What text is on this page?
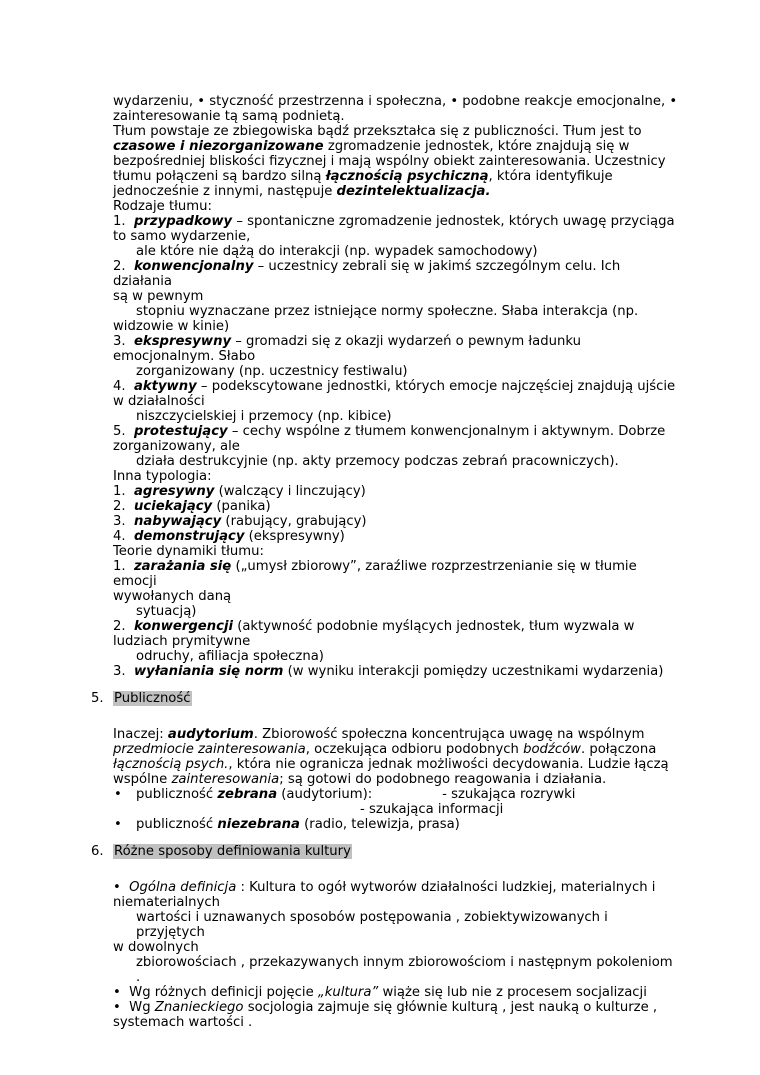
wydarzeniu, • styczność przestrzenna i społeczna, • podobne reakcje emocjonalne, •
zainteresowanie tą samą podnietą.
Tłum powstaje ze zbiegowiska bądź przekształca się z publiczności. Tłum jest to
czasowe i niezorganizowane zgromadzenie jednostek, które znajdują się w
bezpośredniej bliskości fizycznej i mają wspólny obiekt zainteresowania. Uczestnicy
tłumu połączeni są bardzo silną łącznością psychiczną, która identyfikuje
jednocześnie z innymi, następuje dezintelektualizacja.
Rodzaje tłumu:
1. przypadkowy – spontaniczne zgromadzenie jednostek, których uwagę przyciąga
to samo wydarzenie,
ale które nie dążą do interakcji (np. wypadek samochodowy)
2. konwencjonalny – uczestnicy zebrali się w jakimś szczególnym celu. Ich działania
są w pewnym
stopniu wyznaczane przez istniejące normy społeczne. Słaba interakcja (np.
widzowie w kinie)
3. ekspresywny – gromadzi się z okazji wydarzeń o pewnym ładunku
emocjonalnym. Słabo
zorganizowany (np. uczestnicy festiwalu)
4. aktywny – podekscytowane jednostki, których emocje najczęściej znajdują ujście
w działalności
niszczycielskiej i przemocy (np. kibice)
5. protestujący – cechy wspólne z tłumem konwencjonalnym i aktywnym. Dobrze
zorganizowany, ale
działa destrukcyjnie (np. akty przemocy podczas zebrań pracowniczych).
Inna typologia:
1. agresywny (walczący i linczujący)
2. uciekający (panika)
3. nabywający (rabujący, grabujący)
4. demonstrujący (ekspresywny)
Teorie dynamiki tłumu:
1. zarażania się („umysł zbiorowy”, zaraźliwe rozprzestrzenianie się w tłumie emocji
wywołanych daną
sytuacją)
2. konwergencji (aktywność podobnie myślących jednostek, tłum wyzwala w
ludziach prymitywne
odruchy, afiliacja społeczna)
3. wyłaniania się norm (w wyniku interakcji pomiędzy uczestnikami wydarzenia)
5. Publiczność
Inaczej: audytorium. Zbiorowość społeczna koncentrująca uwagę na wspólnym
przedmiocie zainteresowania, oczekująca odbioru podobnych bodźców. połączona
łącznością psych., która nie ogranicza jednak możliwości decydowania. Ludzie łączą
wspólne zainteresowania; są gotowi do podobnego reagowania i działania.
• publiczność zebrana (audytorium):	- szukająca rozrywki
- szukająca informacji
• publiczność niezebrana (radio, telewizja, prasa)
6. Różne sposoby definiowania kultury
• Ogólna definicja : Kultura to ogół wytworów działalności ludzkiej, materialnych i
niematerialnych
wartości i uznawanych sposobów postępowania , zobiektywizowanych i przyjętych
w dowolnych
zbiorowościach , przekazywanych innym zbiorowościom i następnym pokoleniom .
• Wg różnych definicji pojęcie „kultura” wiąże się lub nie z procesem socjalizacji
• Wg Znanieckiego socjologia zajmuje się głównie kulturą , jest nauką o kulturze ,
systemach wartości .
